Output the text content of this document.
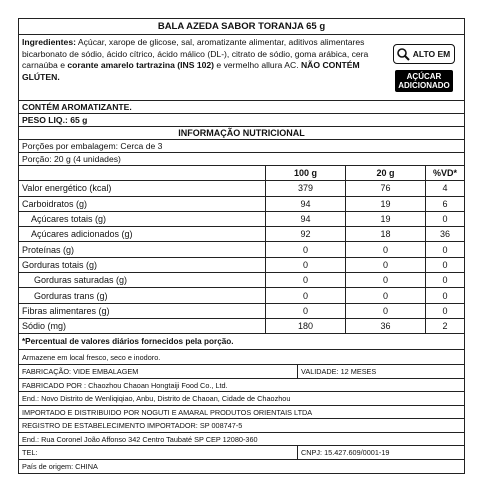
BALA AZEDA SABOR TORANJA 65 g
Ingredientes: Açúcar, xarope de glicose, sal, aromatizante alimentar, aditivos alimentares bicarbonato de sódio, ácido cítrico, ácido málico (DL-), citrato de sódio, goma arábica, cera carnaúba e corante amarelo tartrazina (INS 102) e vermelho allura AC. NÃO CONTÉM GLÚTEN.
ALTO EM
AÇÚCAR
ADICIONADO
CONTÉM AROMATIZANTE.
PESO LIQ.: 65 g
INFORMAÇÃO NUTRICIONAL
Porções por embalagem: Cerca de 3
Porção: 20 g (4 unidades)
	100 g	20 g	%VD*
Valor energético (kcal)	379	76	4
Carboidratos (g)	94	19	6
Açúcares totais (g)	94	19	0
Açúcares adicionados (g)	92	18	36
Proteínas (g)	0	0	0
Gorduras totais (g)	0	0	0
Gorduras saturadas (g)	0	0	0
Gorduras trans (g)	0	0	0
Fibras alimentares (g)	0	0	0
Sódio (mg)	180	36	2
*Percentual de valores diários fornecidos pela porção.
Armazene em local fresco, seco e inodoro.
FABRICAÇÃO: VIDE EMBALAGEM	VALIDADE: 12 MESES
FABRICADO POR : Chaozhou Chaoan Hongtaiji Food Co., Ltd.
End.: Novo Distrito de Wenliqiqiao, Anbu, Distrito de Chaoan, Cidade de Chaozhou
IMPORTADO E DISTRIBUIDO POR NOGUTI E AMARAL PRODUTOS ORIENTAIS LTDA
REGISTRO DE ESTABELECIMENTO IMPORTADOR: SP 008747-5
End.: Rua Coronel João Affonso 342 Centro Taubaté SP CEP 12080-360
TEL:	CNPJ: 15.427.609/0001-19
País de origem: CHINA
